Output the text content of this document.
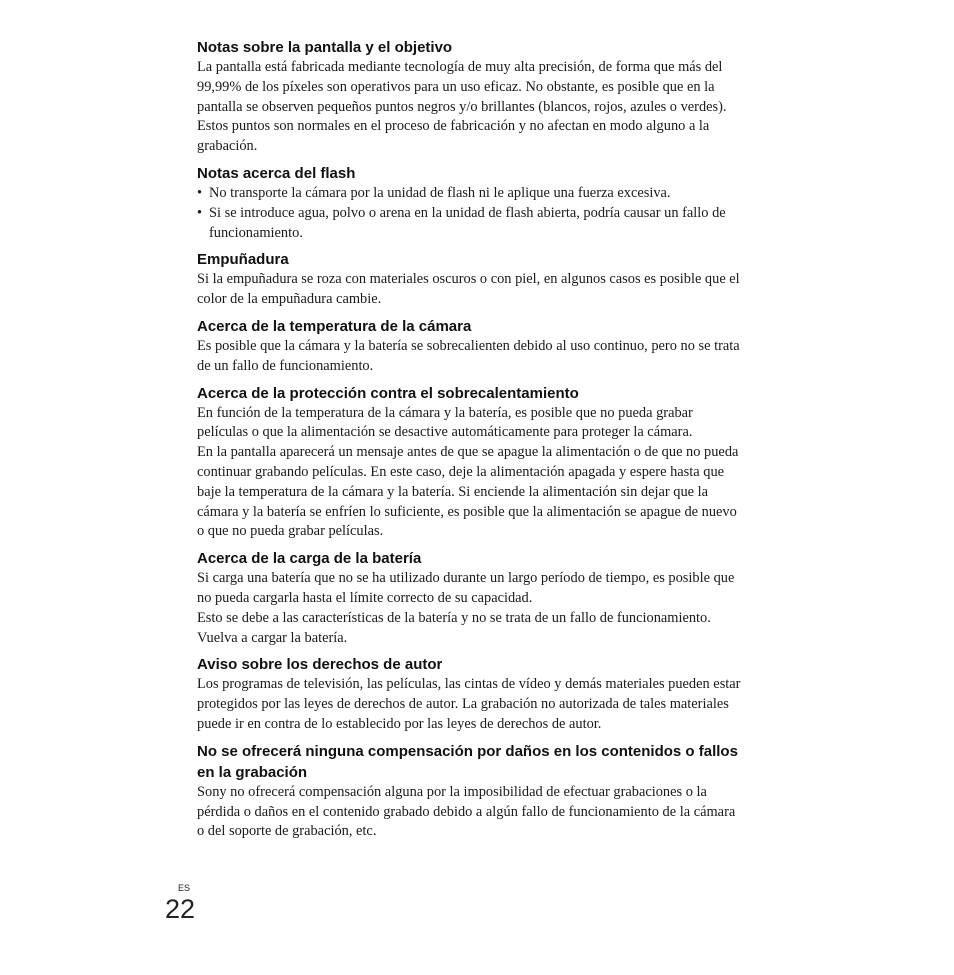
Notas sobre la pantalla y el objetivo

La pantalla está fabricada mediante tecnología de muy alta precisión, de forma que más del 99,99% de los píxeles son operativos para un uso eficaz. No obstante, es posible que en la pantalla se observen pequeños puntos negros y/o brillantes (blancos, rojos, azules o verdes). Estos puntos son normales en el proceso de fabricación y no afectan en modo alguno a la grabación.

Notas acerca del flash
• No transporte la cámara por la unidad de flash ni le aplique una fuerza excesiva.
• Si se introduce agua, polvo o arena en la unidad de flash abierta, podría causar un fallo de funcionamiento.
Empuñadura

Si la empuñadura se roza con materiales oscuros o con piel, en algunos casos es posible que el color de la empuñadura cambie.

Acerca de la temperatura de la cámara

Es posible que la cámara y la batería se sobrecalienten debido al uso continuo, pero no se trata de un fallo de funcionamiento.

Acerca de la protección contra el sobrecalentamiento

En función de la temperatura de la cámara y la batería, es posible que no pueda grabar películas o que la alimentación se desactive automáticamente para proteger la cámara.

En la pantalla aparecerá un mensaje antes de que se apague la alimentación o de que no pueda continuar grabando películas. En este caso, deje la alimentación apagada y espere hasta que baje la temperatura de la cámara y la batería. Si enciende la alimentación sin dejar que la cámara y la batería se enfríen lo suficiente, es posible que la alimentación se apague de nuevo o que no pueda grabar películas.

Acerca de la carga de la batería

Si carga una batería que no se ha utilizado durante un largo período de tiempo, es posible que no pueda cargarla hasta el límite correcto de su capacidad.

Esto se debe a las características de la batería y no se trata de un fallo de funcionamiento. Vuelva a cargar la batería.

Aviso sobre los derechos de autor

Los programas de televisión, las películas, las cintas de vídeo y demás materiales pueden estar protegidos por las leyes de derechos de autor. La grabación no autorizada de tales materiales puede ir en contra de lo establecido por las leyes de derechos de autor.

No se ofrecerá ninguna compensación por daños en los contenidos o fallos en la grabación

Sony no ofrecerá compensación alguna por la imposibilidad de efectuar grabaciones o la pérdida o daños en el contenido grabado debido a algún fallo de funcionamiento de la cámara o del soporte de grabación, etc.

ES
22
